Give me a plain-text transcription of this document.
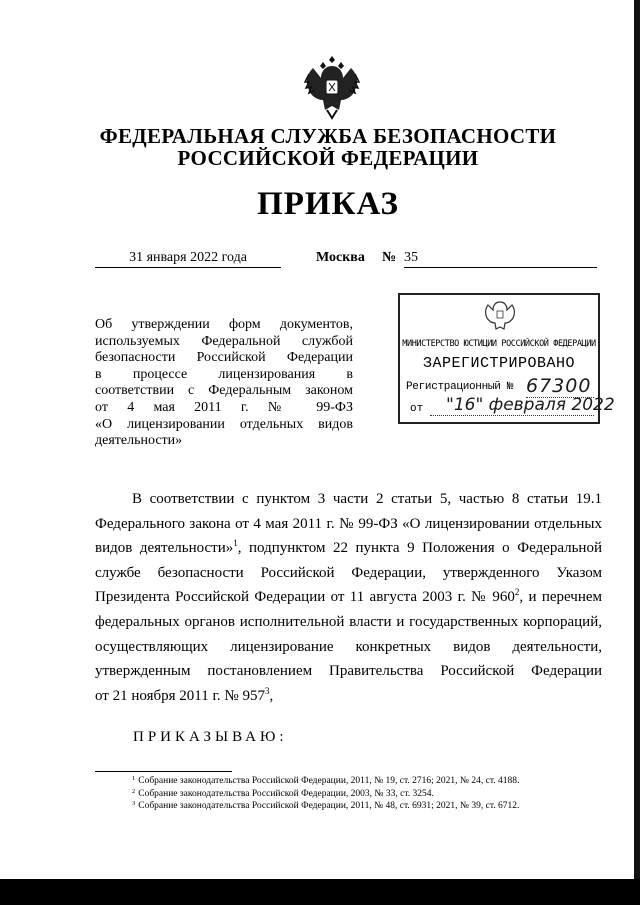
ФЕДЕРАЛЬНАЯ СЛУЖБА БЕЗОПАСНОСТИ
РОССИЙСКОЙ ФЕДЕРАЦИИ
ПРИКАЗ
31 января 2022 года	Москва № 35
Об утверждении форм документов,
используемых Федеральной службой
безопасности Российской Федерации
в процессе лицензирования в
соответствии с Федеральным законом
от 4 мая 2011 г. № 99-ФЗ
«О лицензировании отдельных видов
деятельности»
МИНИСТЕРСТВО ЮСТИЦИИ РОССИЙСКОЙ ФЕДЕРАЦИИ
ЗАРЕГИСТРИРОВАНО
Регистрационный № 67300
от	"16" февраля 2022
В соответствии с пунктом 3 части 2 статьи 5, частью 8 статьи 19.1
Федерального закона от 4 мая 2011 г. № 99-ФЗ «О лицензировании отдельных
видов деятельности»$^1$, подпунктом 22 пункта 9 Положения о Федеральной
службе безопасности Российской Федерации, утвержденного Указом
Президента Российской Федерации от 11 августа 2003 г. № $960^2$, и перечнем
федеральных органов исполнительной власти и государственных корпораций,
осуществляющих лицензирование конкретных видов деятельности,
утвержденным постановлением Правительства Российской Федерации
от 21 ноября 2011 г. № $957^3$,
ПРИКАЗЫВАЮ:
$^1$ Собрание законодательства Российской Федерации, 2011, № 19, ст. 2716; 2021, № 24, ст. 4188.
$^2$ Собрание законодательства Российской Федерации, 2003, № 33, ст. 3254.
$^3$ Собрание законодательства Российской Федерации, 2011, № 48, ст. 6931; 2021, № 39, ст. 6712.
